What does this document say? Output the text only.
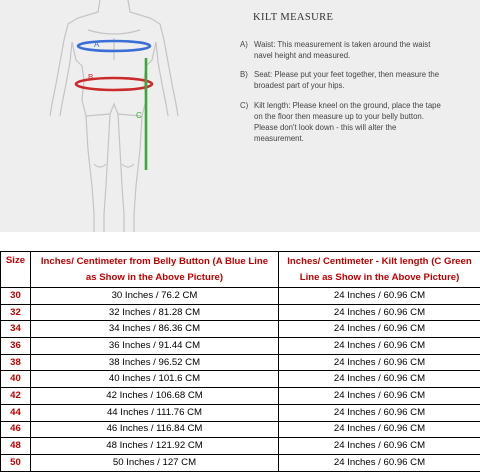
A
B
C
KILT MEASURE
A) Waist: This measurement is taken around the waist navel height and measured.
B) Seat: Please put your feet together, then measure the broadest part of your hips.
C) Kilt length: Please kneel on the ground, place the tape on the floor then measure up to your belly button. Please don't look down - this will alter the measurement.
Size	Inches/ Centimeter from Belly Button (A Blue Line as Show in the Above Picture)	Inches/ Centimeter - Kilt length (C Green Line as Show in the Above Picture)
30	30 Inches / 76.2 CM	24 Inches / 60.96 CM
32	32 Inches / 81.28 CM	24 Inches / 60.96 CM
34	34 Inches / 86.36 CM	24 Inches / 60.96 CM
36	36 Inches / 91.44 CM	24 Inches / 60.96 CM
38	38 Inches / 96.52 CM	24 Inches / 60.96 CM
40	40 Inches / 101.6 CM	24 Inches / 60.96 CM
42	42 Inches / 106.68 CM	24 Inches / 60.96 CM
44	44 Inches / 111.76 CM	24 Inches / 60.96 CM
46	46 Inches / 116.84 CM	24 Inches / 60.96 CM
48	48 Inches / 121.92 CM	24 Inches / 60.96 CM
50	50 Inches / 127 CM	24 Inches / 60.96 CM
